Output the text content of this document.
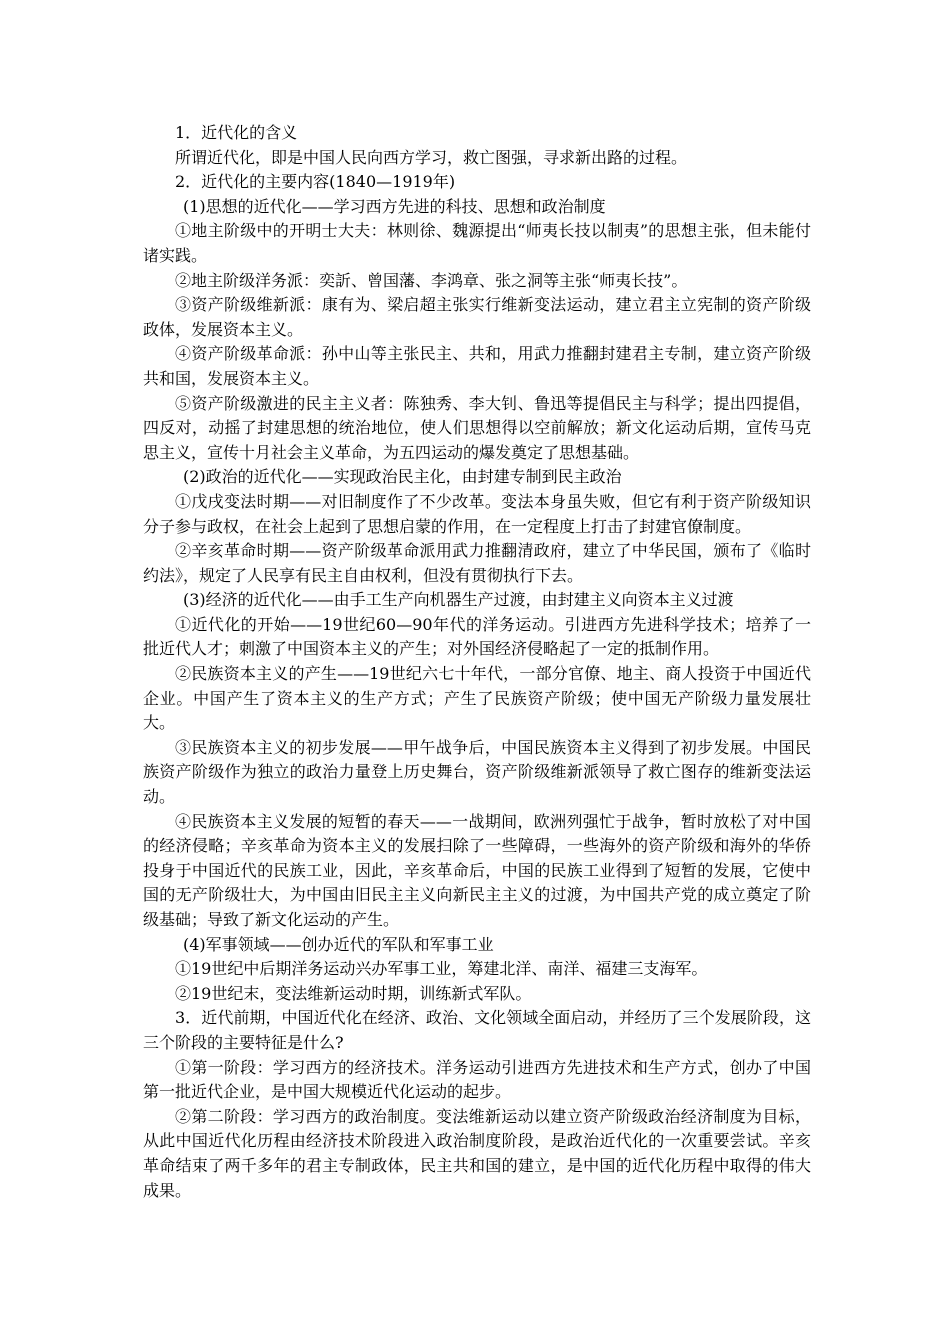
1．近代化的含义

所谓近代化，即是中国人民向西方学习，救亡图强，寻求新出路的过程。

2．近代化的主要内容(1840—1919年)

(1)思想的近代化——学习西方先进的科技、思想和政治制度

①地主阶级中的开明士大夫：林则徐、魏源提出“师夷长技以制夷”的思想主张，但未能付诸实践。

②地主阶级洋务派：奕訢、曾国藩、李鸿章、张之洞等主张“师夷长技”。

③资产阶级维新派：康有为、梁启超主张实行维新变法运动，建立君主立宪制的资产阶级政体，发展资本主义。

④资产阶级革命派：孙中山等主张民主、共和，用武力推翻封建君主专制，建立资产阶级共和国，发展资本主义。

⑤资产阶级激进的民主主义者：陈独秀、李大钊、鲁迅等提倡民主与科学；提出四提倡，四反对，动摇了封建思想的统治地位，使人们思想得以空前解放；新文化运动后期，宣传马克思主义，宣传十月社会主义革命，为五四运动的爆发奠定了思想基础。

(2)政治的近代化——实现政治民主化，由封建专制到民主政治

①戊戌变法时期——对旧制度作了不少改革。变法本身虽失败，但它有利于资产阶级知识分子参与政权，在社会上起到了思想启蒙的作用，在一定程度上打击了封建官僚制度。

②辛亥革命时期——资产阶级革命派用武力推翻清政府，建立了中华民国，颁布了《临时约法》，规定了人民享有民主自由权利，但没有贯彻执行下去。

(3)经济的近代化——由手工生产向机器生产过渡，由封建主义向资本主义过渡

①近代化的开始——19世纪60—90年代的洋务运动。引进西方先进科学技术；培养了一批近代人才；刺激了中国资本主义的产生；对外国经济侵略起了一定的抵制作用。

②民族资本主义的产生——19世纪六七十年代，一部分官僚、地主、商人投资于中国近代企业。中国产生了资本主义的生产方式；产生了民族资产阶级；使中国无产阶级力量发展壮大。

③民族资本主义的初步发展——甲午战争后，中国民族资本主义得到了初步发展。中国民族资产阶级作为独立的政治力量登上历史舞台，资产阶级维新派领导了救亡图存的维新变法运动。

④民族资本主义发展的短暂的春天——一战期间，欧洲列强忙于战争，暂时放松了对中国的经济侵略；辛亥革命为资本主义的发展扫除了一些障碍，一些海外的资产阶级和海外的华侨投身于中国近代的民族工业，因此，辛亥革命后，中国的民族工业得到了短暂的发展，它使中国的无产阶级壮大，为中国由旧民主主义向新民主主义的过渡，为中国共产党的成立奠定了阶级基础；导致了新文化运动的产生。

(4)军事领域——创办近代的军队和军事工业

①19世纪中后期洋务运动兴办军事工业，筹建北洋、南洋、福建三支海军。

②19世纪末，变法维新运动时期，训练新式军队。

3．近代前期，中国近代化在经济、政治、文化领域全面启动，并经历了三个发展阶段，这三个阶段的主要特征是什么?

①第一阶段：学习西方的经济技术。洋务运动引进西方先进技术和生产方式，创办了中国第一批近代企业，是中国大规模近代化运动的起步。

②第二阶段：学习西方的政治制度。变法维新运动以建立资产阶级政治经济制度为目标，从此中国近代化历程由经济技术阶段进入政治制度阶段，是政治近代化的一次重要尝试。辛亥革命结束了两千多年的君主专制政体，民主共和国的建立，是中国的近代化历程中取得的伟大成果。
